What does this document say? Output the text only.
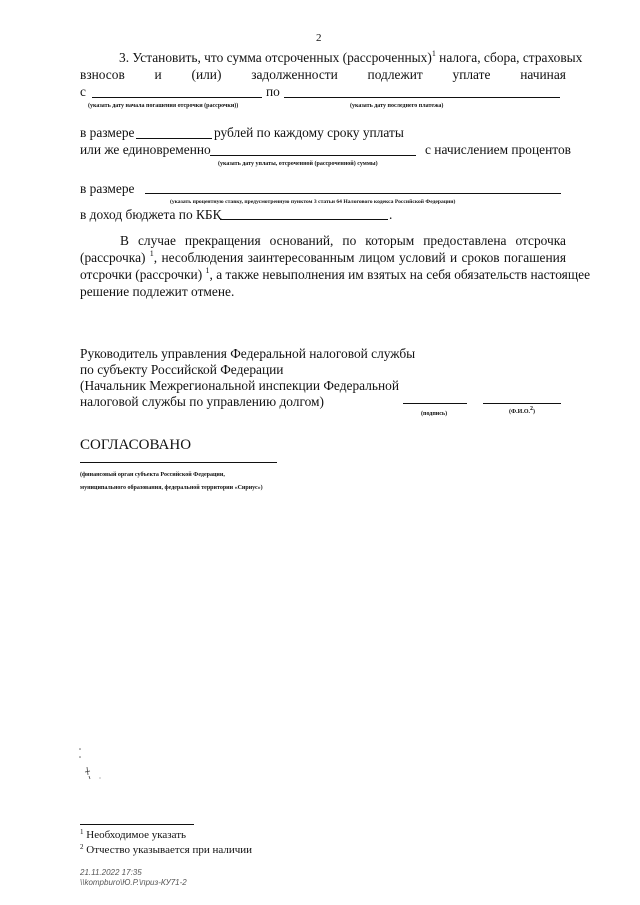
2
3. Установить, что сумма отсроченных (рассроченных)$^1$ налога, сбора, страховых
взносов и (или) задолженности подлежит уплате начиная
с	по
(указать дату начала погашения отсрочки (рассрочки))	(указать дату последнего платежа)
в размере	рублей по каждому сроку уплаты
или же единовременно	с начислением процентов
(указать дату уплаты, отсроченной (рассроченной) суммы)
в размере
(указать процентную ставку, предусмотренную пунктом 3 статьи 64 Налогового кодекса Российской Федерации)
в доход бюджета по КБК	.
В случае прекращения оснований, по которым предоставлена отсрочка
(рассрочка) $^1$, несоблюдения заинтересованным лицом условий и сроков погашения
отсрочки (рассрочки) $^1$, а также невыполнения им взятых на себя обязательств настоящее
решение подлежит отмене.
Руководитель управления Федеральной налоговой службы
по субъекту Российской Федерации
(Начальник Межрегиональной инспекции Федеральной
налоговой службы по управлению долгом)
(подпись)	(Ф.И.О.$^2$)
СОГЛАСОВАНО
(финансовый орган субъекта Российской Федерации,
муниципального образования, федеральной территории «Сириус»)
$^1$ Необходимое указать
$^2$ Отчество указывается при наличии
21.11.2022 17:35
\\kompburo\Ю.Р.\приз-КУ71-2
